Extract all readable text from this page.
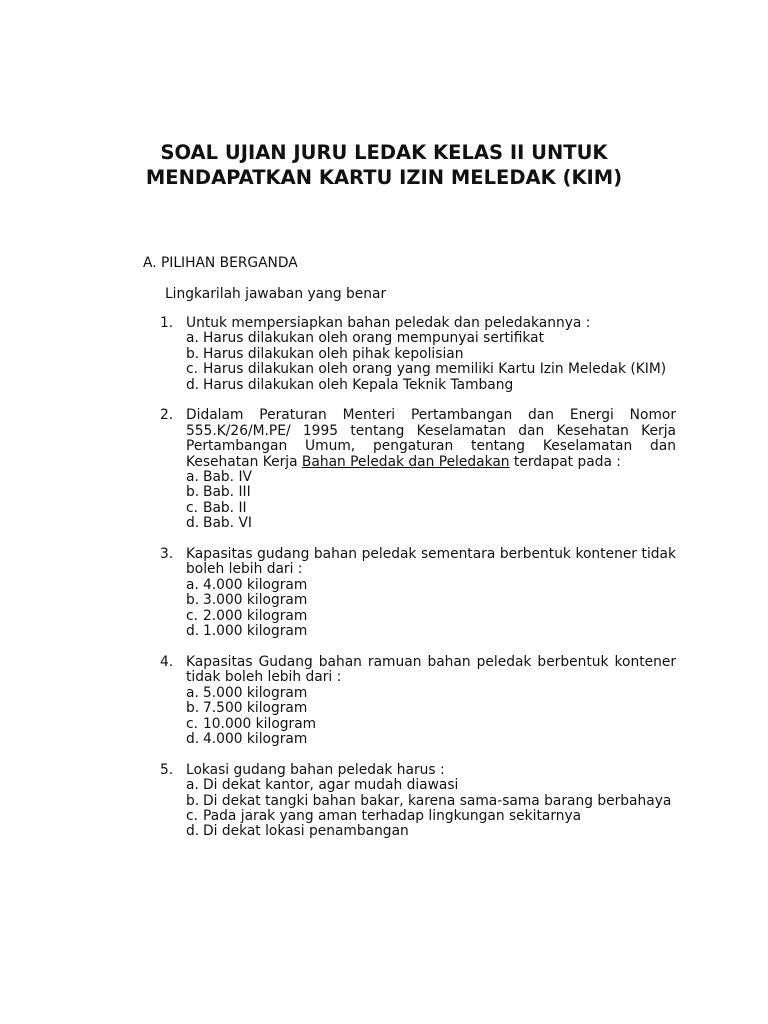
SOAL UJIAN JURU LEDAK KELAS II UNTUK
MENDAPATKAN KARTU IZIN MELEDAK (KIM)
A. PILIHAN BERGANDA
Lingkarilah jawaban yang benar
1. Untuk mempersiapkan bahan peledak dan peledakannya :
a. Harus dilakukan oleh orang mempunyai sertifikat
b. Harus dilakukan oleh pihak kepolisian
c. Harus dilakukan oleh orang yang memiliki Kartu Izin Meledak (KIM)
d. Harus dilakukan oleh Kepala Teknik Tambang
2. Didalam Peraturan Menteri Pertambangan dan Energi Nomor 555.K/26/M.PE/ 1995 tentang Keselamatan dan Kesehatan Kerja Pertambangan Umum, pengaturan tentang Keselamatan dan Kesehatan Kerja Bahan Peledak dan Peledakan terdapat pada :
a. Bab. IV
b. Bab. III
c. Bab. II
d. Bab. VI
3. Kapasitas gudang bahan peledak sementara berbentuk kontener tidak boleh lebih dari :
a. 4.000 kilogram
b. 3.000 kilogram
c. 2.000 kilogram
d. 1.000 kilogram
4. Kapasitas Gudang bahan ramuan bahan peledak berbentuk kontener tidak boleh lebih dari :
a. 5.000 kilogram
b. 7.500 kilogram
c. 10.000 kilogram
d. 4.000 kilogram
5. Lokasi gudang bahan peledak harus :
a. Di dekat kantor, agar mudah diawasi
b. Di dekat tangki bahan bakar, karena sama-sama barang berbahaya
c. Pada jarak yang aman terhadap lingkungan sekitarnya
d. Di dekat lokasi penambangan
